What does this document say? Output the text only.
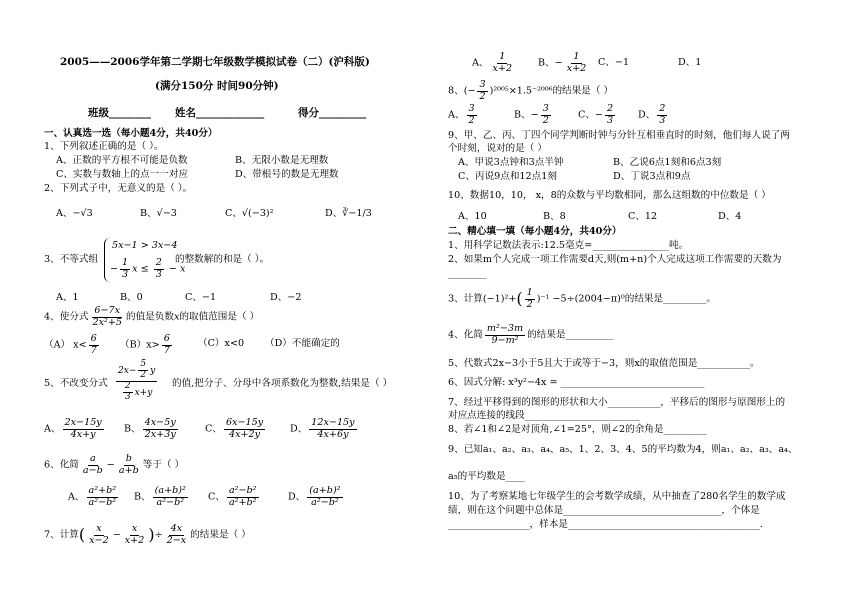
2005——2006学年第二学期七年级数学模拟试卷（二）(沪科版)
(满分150分 时间90分钟)
班级________ 姓名_____________	得分_________
一、认真选一选（每小题4分，共40分）
1、下列叙述正确的是（ ）。
A、正数的平方根不可能是负数	B、无限小数是无理数
C、实数与数轴上的点一一对应	D、带根号的数是无理数
2、下列式子中，无意义的是（ ）。
A、−√3	B、√−3	C、√(−3)²	D、∛−1/3
3、不等式组
5x−1 > 3x−4
− $\frac{1}{3}$ $x \le \frac{2}{3} - x$
的整数解的和是（ ）。
A、1	B、0	C、−1	D、−2
4、使分式 $\frac{6-7x}{\text{2x²+5}}$ 的值是负数x的取值范围是（ ）
（A） $x< \frac{6}{7} (B)x> \frac{6}{7}$	（C）x<0 （D）不能确定的
5、不改变分式 $\frac{2x- \frac{5}{2} y}{\frac{2}{3} x+y}$ 的值,把分子、分母中各项系数化为整数,结果是（ ）
A、 $\frac{2x-15y}{4x+y}$ B、 $\frac{4x-5y}{2x+3y}$	C、 $\frac{6x-15y}{4x+2y}$	D、 $\frac{12x-15y}{4x+6y}$
6、化简 $\frac{a}{a-b} - \frac{b}{a+b}$ 等于（ ）
A、 $\frac{\text{a²+b²}}{\text{a²−b²}}$ B、 $\frac{\text{(a+b)²}}{\text{a²−b²}}$ C、 $\frac{\text{a²−b²}}{\text{a²+b²}}$	D、 $\frac{\text{(a+b)²}}{\text{a²−b²}}$
7、计算( $\frac{x}{x-2} - \frac{x}{x+2}$ )÷ $\frac{4x}{2-x}$ 的结果是（ ）
A、 $\frac{1}{x+2}$ B、− $\frac{1}{x+2}$ C、−1	D、1
8、(− $\frac{3}{2} )^{2005}\times 1.5^{-2006}$的结果是（ ）
A、 $\frac{3}{2}$	B、− $\frac{3}{2}$	C、− $\frac{2}{3}$ D、 $\frac{2}{3}$
9、甲、乙、丙、丁四个同学判断时钟与分针互相垂直时的时刻，他们每人说了两
个时刻，说对的是（ ）
A、甲说3点钟和3点半钟	B、乙说6点1刻和6点3刻
C、丙说9点和12点1刻	D、丁说3点和9点
10、数据10，10， x，8的众数与平均数相同，那么这组数的中位数是（ ）
A、10	B、8	C、12	D、4
二、精心填一填（每小题4分，共40分）
1、用科学记数法表示:12.5毫克=________________吨。
2、如果m个人完成一项工作需要d天,则(m+n)个人完成这项工作需要的天数为
________
3、计算$(-1)^2+( \frac{1}{2} )^{-1} -5\div(2004-\pi)^0$的结果是_________。
4、化简 $\frac{\text{m²−3m}}{\text{9−m²}}$ 的结果是__________
5、代数式2x−3小于5且大于或等于−3，则x的取值范围是___________。
6、因式分解: x³y²−4x = ______________________________
7、经过平移得到的图形的形状和大小___________，平移后的图形与原图形上的
对应点连接的线段________________________
8、若∠1和∠2是对顶角,∠1=25°，则∠2的余角是_________
9、已知a₁、a₂、a₃、a₄、a₅、1、2、3、4、5的平均数为4，则a₁、a₂、a₃、a₄、
a₅的平均数是____
10、为了考察某地七年级学生的会考数学成绩，从中抽查了280名学生的数学成
绩，则在这个问题中总体是_________________________________，个体是
_________________，样本是________________________________________.
